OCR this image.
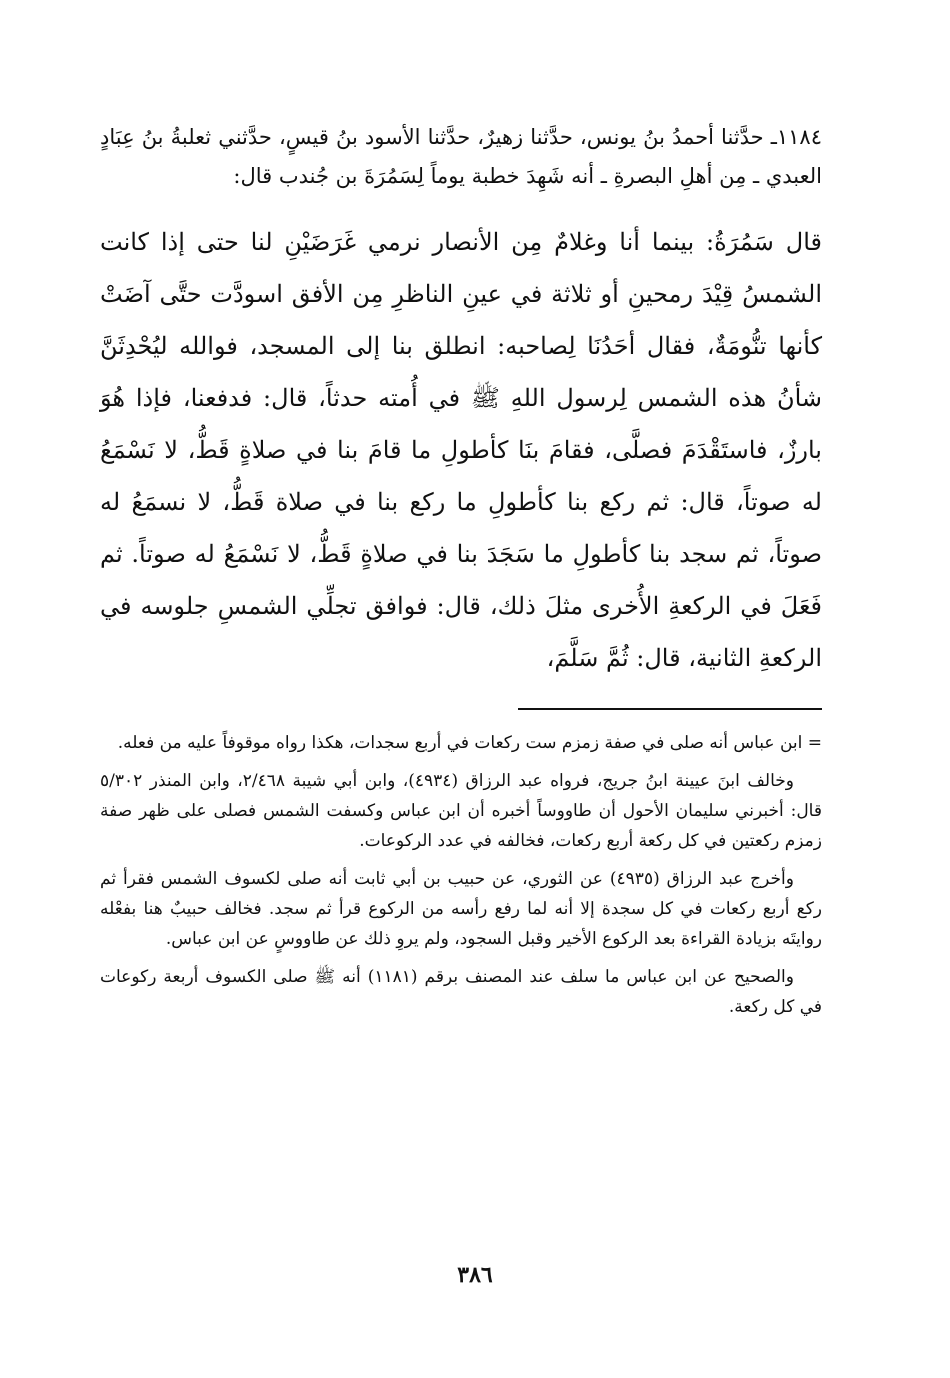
١١٨٤ـ حدَّثنا أحمدُ بنُ يونس، حدَّثنا زهيرٌ، حدَّثنا الأسود بنُ قيسٍ، حدَّثني ثعلبةُ بنُ عِبَادٍ العبدي ـ مِن أهلِ البصرةِ ـ أنه شَهِدَ خطبة يوماً لِسَمُرَةَ بن جُندب قال:
قال سَمُرَةُ: بينما أنا وغلامٌ مِن الأنصار نرمي غَرَضَيْنِ لنا حتى إذا كانت الشمسُ قِيْدَ رمحينِ أو ثلاثة في عينِ الناظرِ مِن الأفق اسودَّت حتَّى آضَتْ كأنها تنُّومَةٌ، فقال أحَدُنَا لِصاحبه: انطلق بنا إلى المسجد، فوالله ليُحْدِثَنَّ شأنُ هذه الشمس لِرسول اللهِ ﷺ في أُمته حدثاً، قال: فدفعنا، فإذا هُوَ بارزٌ، فاستَقْدَمَ فصلَّى، فقامَ بنَا كأطولِ ما قامَ بنا في صلاةٍ قَطُّ، لا نَسْمَعُ له صوتاً، قال: ثم ركع بنا كأطولِ ما ركع بنا في صلاة قَطُّ، لا نسمَعُ له صوتاً، ثم سجد بنا كأطولِ ما سَجَدَ بنا في صلاةٍ قَطُّ، لا نَسْمَعُ له صوتاً. ثم فَعَلَ في الركعةِ الأُخرى مثلَ ذلك، قال: فوافق تجلِّي الشمسِ جلوسه في الركعةِ الثانية، قال: ثُمَّ سَلَّمَ،

= ابن عباس أنه صلى في صفة زمزم ست ركعات في أربع سجدات، هكذا رواه موقوفاً عليه من فعله.

وخالف ابنَ عيينة ابنُ جريج، فرواه عبد الرزاق (٤٩٣٤)، وابن أبي شيبة ٢/٤٦٨، وابن المنذر ٥/٣٠٢ قال: أخبرني سليمان الأحول أن طاووساً أخبره أن ابن عباس وكسفت الشمس فصلى على ظهر صفة زمزم ركعتين في كل ركعة أربع ركعات، فخالفه في عدد الركوعات.

وأخرج عبد الرزاق (٤٩٣٥) عن الثوري، عن حبيب بن أبي ثابت أنه صلى لكسوف الشمس فقرأ ثم ركع أربع ركعات في كل سجدة إلا أنه لما رفع رأسه من الركوع قرأ ثم سجد. فخالف حبيبٌ هنا بفعْله روايتَه بزيادة القراءة بعد الركوع الأخير وقبل السجود، ولم يروِ ذلك عن طاووسٍ عن ابن عباس.

والصحيح عن ابن عباس ما سلف عند المصنف برقم (١١٨١) أنه ﷺ صلى الكسوف أربعة ركوعات في كل ركعة.

٣٨٦
